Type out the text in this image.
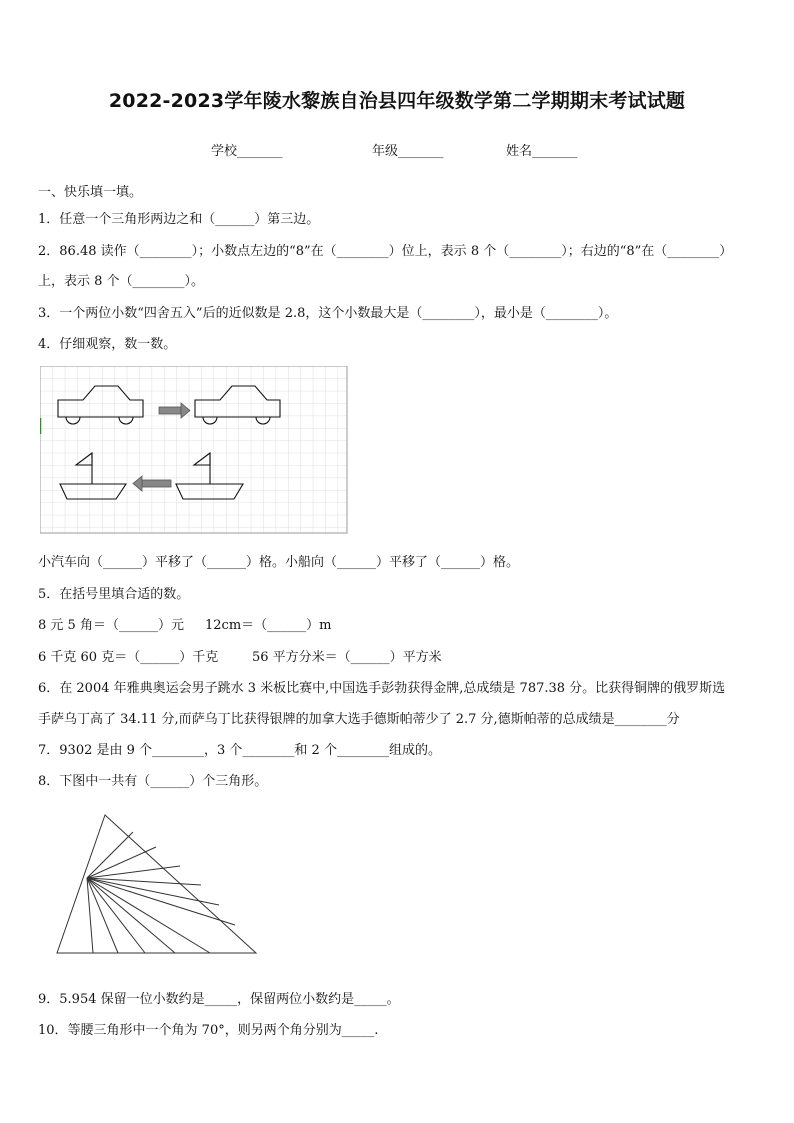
2022-2023学年陵水黎族自治县四年级数学第二学期期末考试试题
学校_______	年级_______	姓名_______
一、快乐填一填。
1．任意一个三角形两边之和（______）第三边。
2．86.48 读作（________）；小数点左边的“8”在（________）位上，表示 8 个（________）；右边的“8”在（________）
上，表示 8 个（________）。
3．一个两位小数“四舍五入”后的近似数是 2.8，这个小数最大是（________），最小是（________）。
4．仔细观察，数一数。
小汽车向（______）平移了（______）格。小船向（______）平移了（______）格。
5．在括号里填合适的数。
8 元 5 角＝（______）元 12cm＝（______）m
6 千克 60 克＝（______）千克	56 平方分米＝（______）平方米
6．在 2004 年雅典奥运会男子跳水 3 米板比赛中,中国选手彭勃获得金牌,总成绩是 787.38 分。比获得铜牌的俄罗斯选
手萨乌丁高了 34.11 分,而萨乌丁比获得银牌的加拿大选手德斯帕蒂少了 2.7 分,德斯帕蒂的总成绩是________分
7．9302 是由 9 个________，3 个________和 2 个________组成的。
8．下图中一共有（______）个三角形。
9．5.954 保留一位小数约是_____，保留两位小数约是_____。
10．等腰三角形中一个角为 70°，则另两个角分别为_____.
